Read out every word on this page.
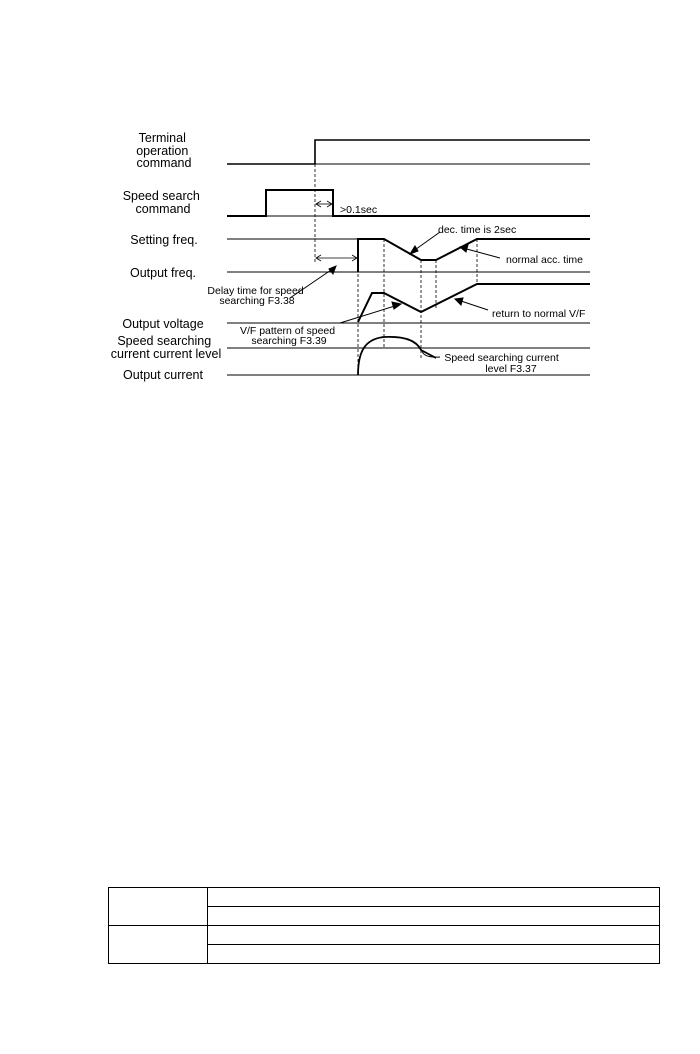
Terminal operation command
Speed search command
Setting freq.
Output freq.
Output voltage
Speed searching current current level
Output current
>0.1sec
dec. time is 2sec
normal acc. time
Delay time for speed searching F3.38
V/F pattern of speed searching F3.39
return to normal V/F
Speed searching current level F3.37
